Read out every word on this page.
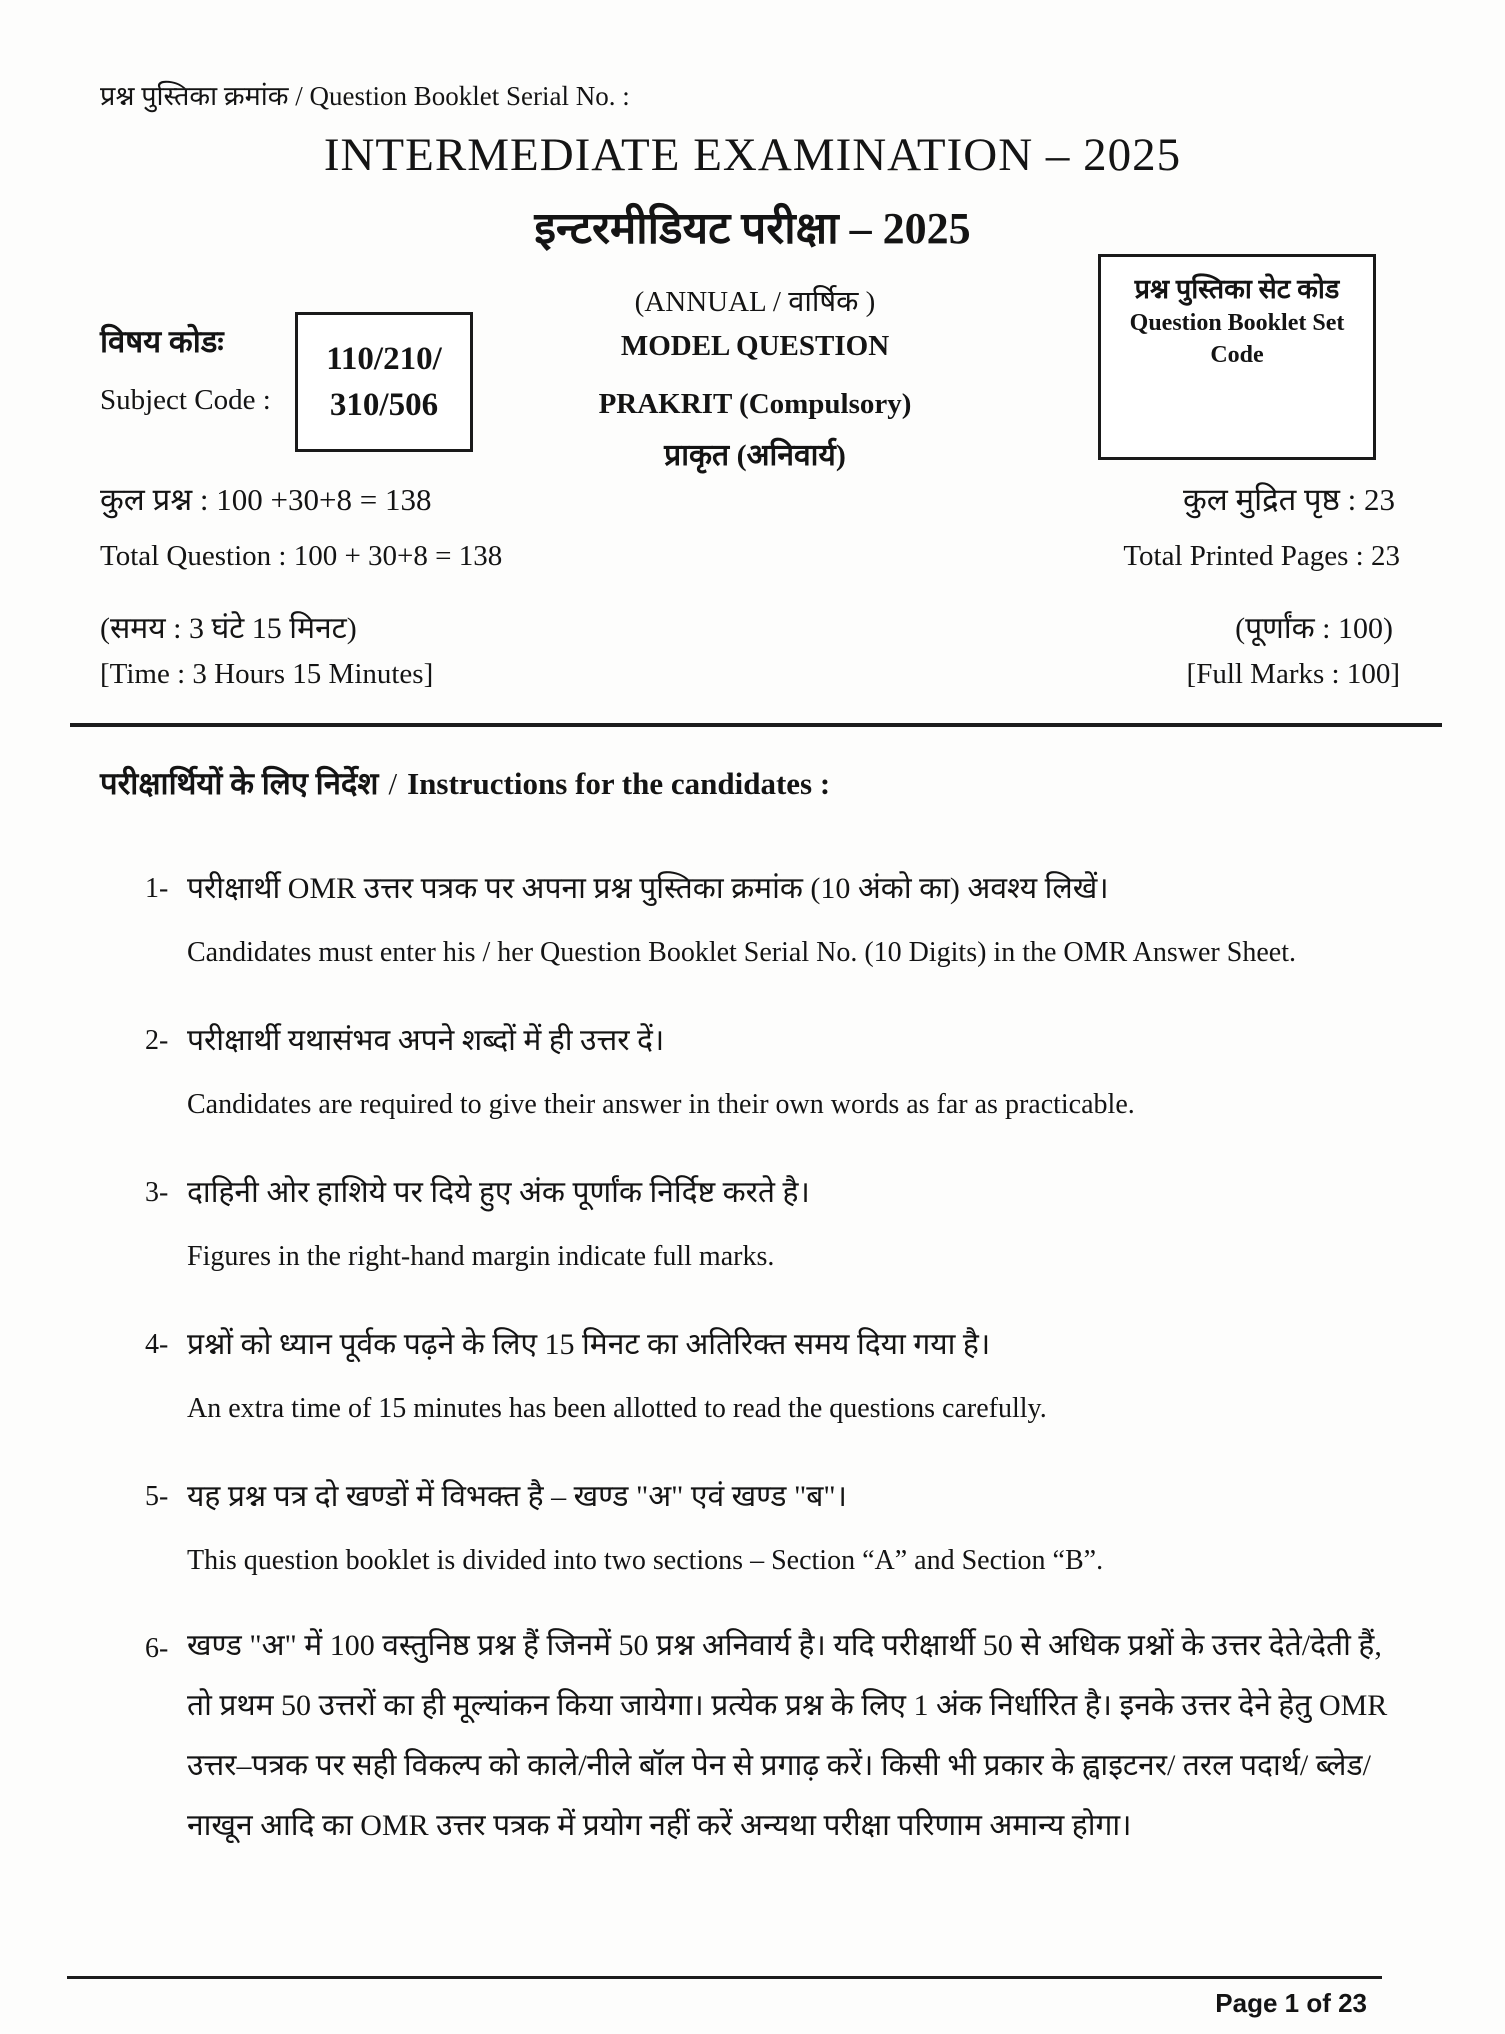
प्रश्न पुस्तिका क्रमांक / Question Booklet Serial No. :
INTERMEDIATE EXAMINATION – 2025
इन्टरमीडियट परीक्षा – 2025
विषय कोडः
Subject Code :
110/210/
310/506
(ANNUAL / वार्षिक )
MODEL QUESTION
PRAKRIT (Compulsory)
प्राकृत (अनिवार्य)
प्रश्न पुस्तिका सेट कोड
Question Booklet Set Code
कुल प्रश्न : 100 +30+8 = 138
Total Question : 100 + 30+8 = 138
कुल मुद्रित पृष्ठ : 23
Total Printed Pages : 23
(समय : 3 घंटे 15 मिनट)
[Time : 3 Hours 15 Minutes]
(पूर्णांक : 100)
[Full Marks : 100]
परीक्षार्थियों के लिए निर्देश / Instructions for the candidates :
1- परीक्षार्थी OMR उत्तर पत्रक पर अपना प्रश्न पुस्तिका क्रमांक (10 अंको का) अवश्य लिखें।
Candidates must enter his / her Question Booklet Serial No. (10 Digits) in the OMR Answer Sheet.
2- परीक्षार्थी यथासंभव अपने शब्दों में ही उत्तर दें।
Candidates are required to give their answer in their own words as far as practicable.
3- दाहिनी ओर हाशिये पर दिये हुए अंक पूर्णांक निर्दिष्ट करते है।
Figures in the right-hand margin indicate full marks.
4- प्रश्नों को ध्यान पूर्वक पढ़ने के लिए 15 मिनट का अतिरिक्त समय दिया गया है।
An extra time of 15 minutes has been allotted to read the questions carefully.
5- यह प्रश्न पत्र दो खण्डों में विभक्त है – खण्ड "अ" एवं खण्ड "ब"।
This question booklet is divided into two sections – Section “A” and Section “B”.
6- खण्ड "अ" में 100 वस्तुनिष्ठ प्रश्न हैं जिनमें 50 प्रश्न अनिवार्य है। यदि परीक्षार्थी 50 से अधिक प्रश्नों के उत्तर देते/देती हैं, तो प्रथम 50 उत्तरों का ही मूल्यांकन किया जायेगा। प्रत्येक प्रश्न के लिए 1 अंक निर्धारित है। इनके उत्तर देने हेतु OMR उत्तर–पत्रक पर सही विकल्प को काले/नीले बॉल पेन से प्रगाढ़ करें। किसी भी प्रकार के ह्वाइटनर/ तरल पदार्थ/ ब्लेड/नाखून आदि का OMR उत्तर पत्रक में प्रयोग नहीं करें अन्यथा परीक्षा परिणाम अमान्य होगा।
Page 1 of 23
